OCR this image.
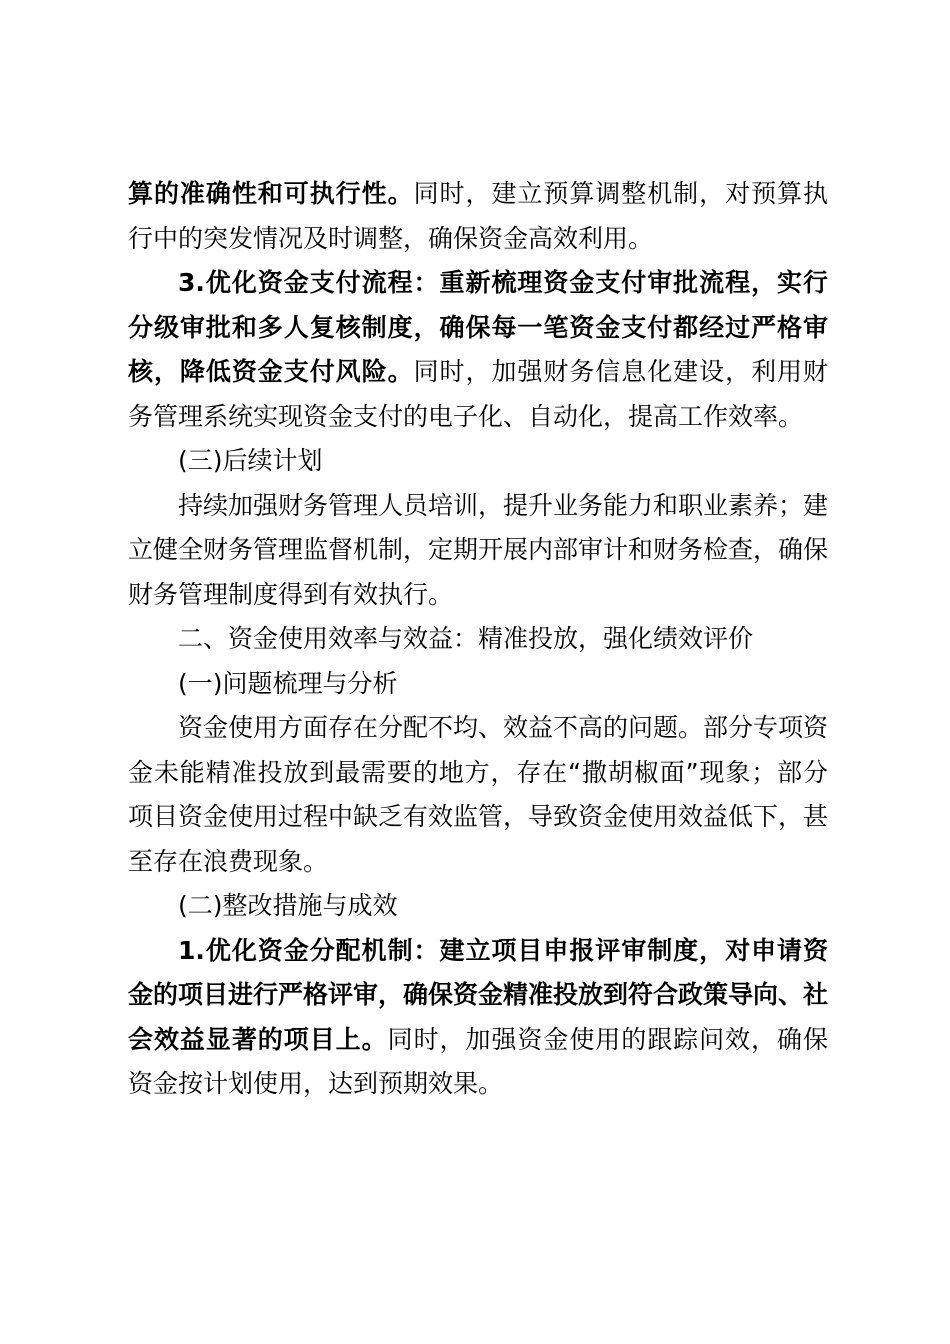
算的准确性和可执行性。同时，建立预算调整机制，对预算执行中的突发情况及时调整，确保资金高效利用。

3.优化资金支付流程：重新梳理资金支付审批流程，实行分级审批和多人复核制度，确保每一笔资金支付都经过严格审核，降低资金支付风险。同时，加强财务信息化建设，利用财务管理系统实现资金支付的电子化、自动化，提高工作效率。

(三)后续计划

持续加强财务管理人员培训，提升业务能力和职业素养；建立健全财务管理监督机制，定期开展内部审计和财务检查，确保财务管理制度得到有效执行。

二、资金使用效率与效益：精准投放，强化绩效评价

(一)问题梳理与分析

资金使用方面存在分配不均、效益不高的问题。部分专项资金未能精准投放到最需要的地方，存在“撒胡椒面”现象；部分项目资金使用过程中缺乏有效监管，导致资金使用效益低下，甚至存在浪费现象。

(二)整改措施与成效

1.优化资金分配机制：建立项目申报评审制度，对申请资金的项目进行严格评审，确保资金精准投放到符合政策导向、社会效益显著的项目上。同时，加强资金使用的跟踪问效，确保资金按计划使用，达到预期效果。
